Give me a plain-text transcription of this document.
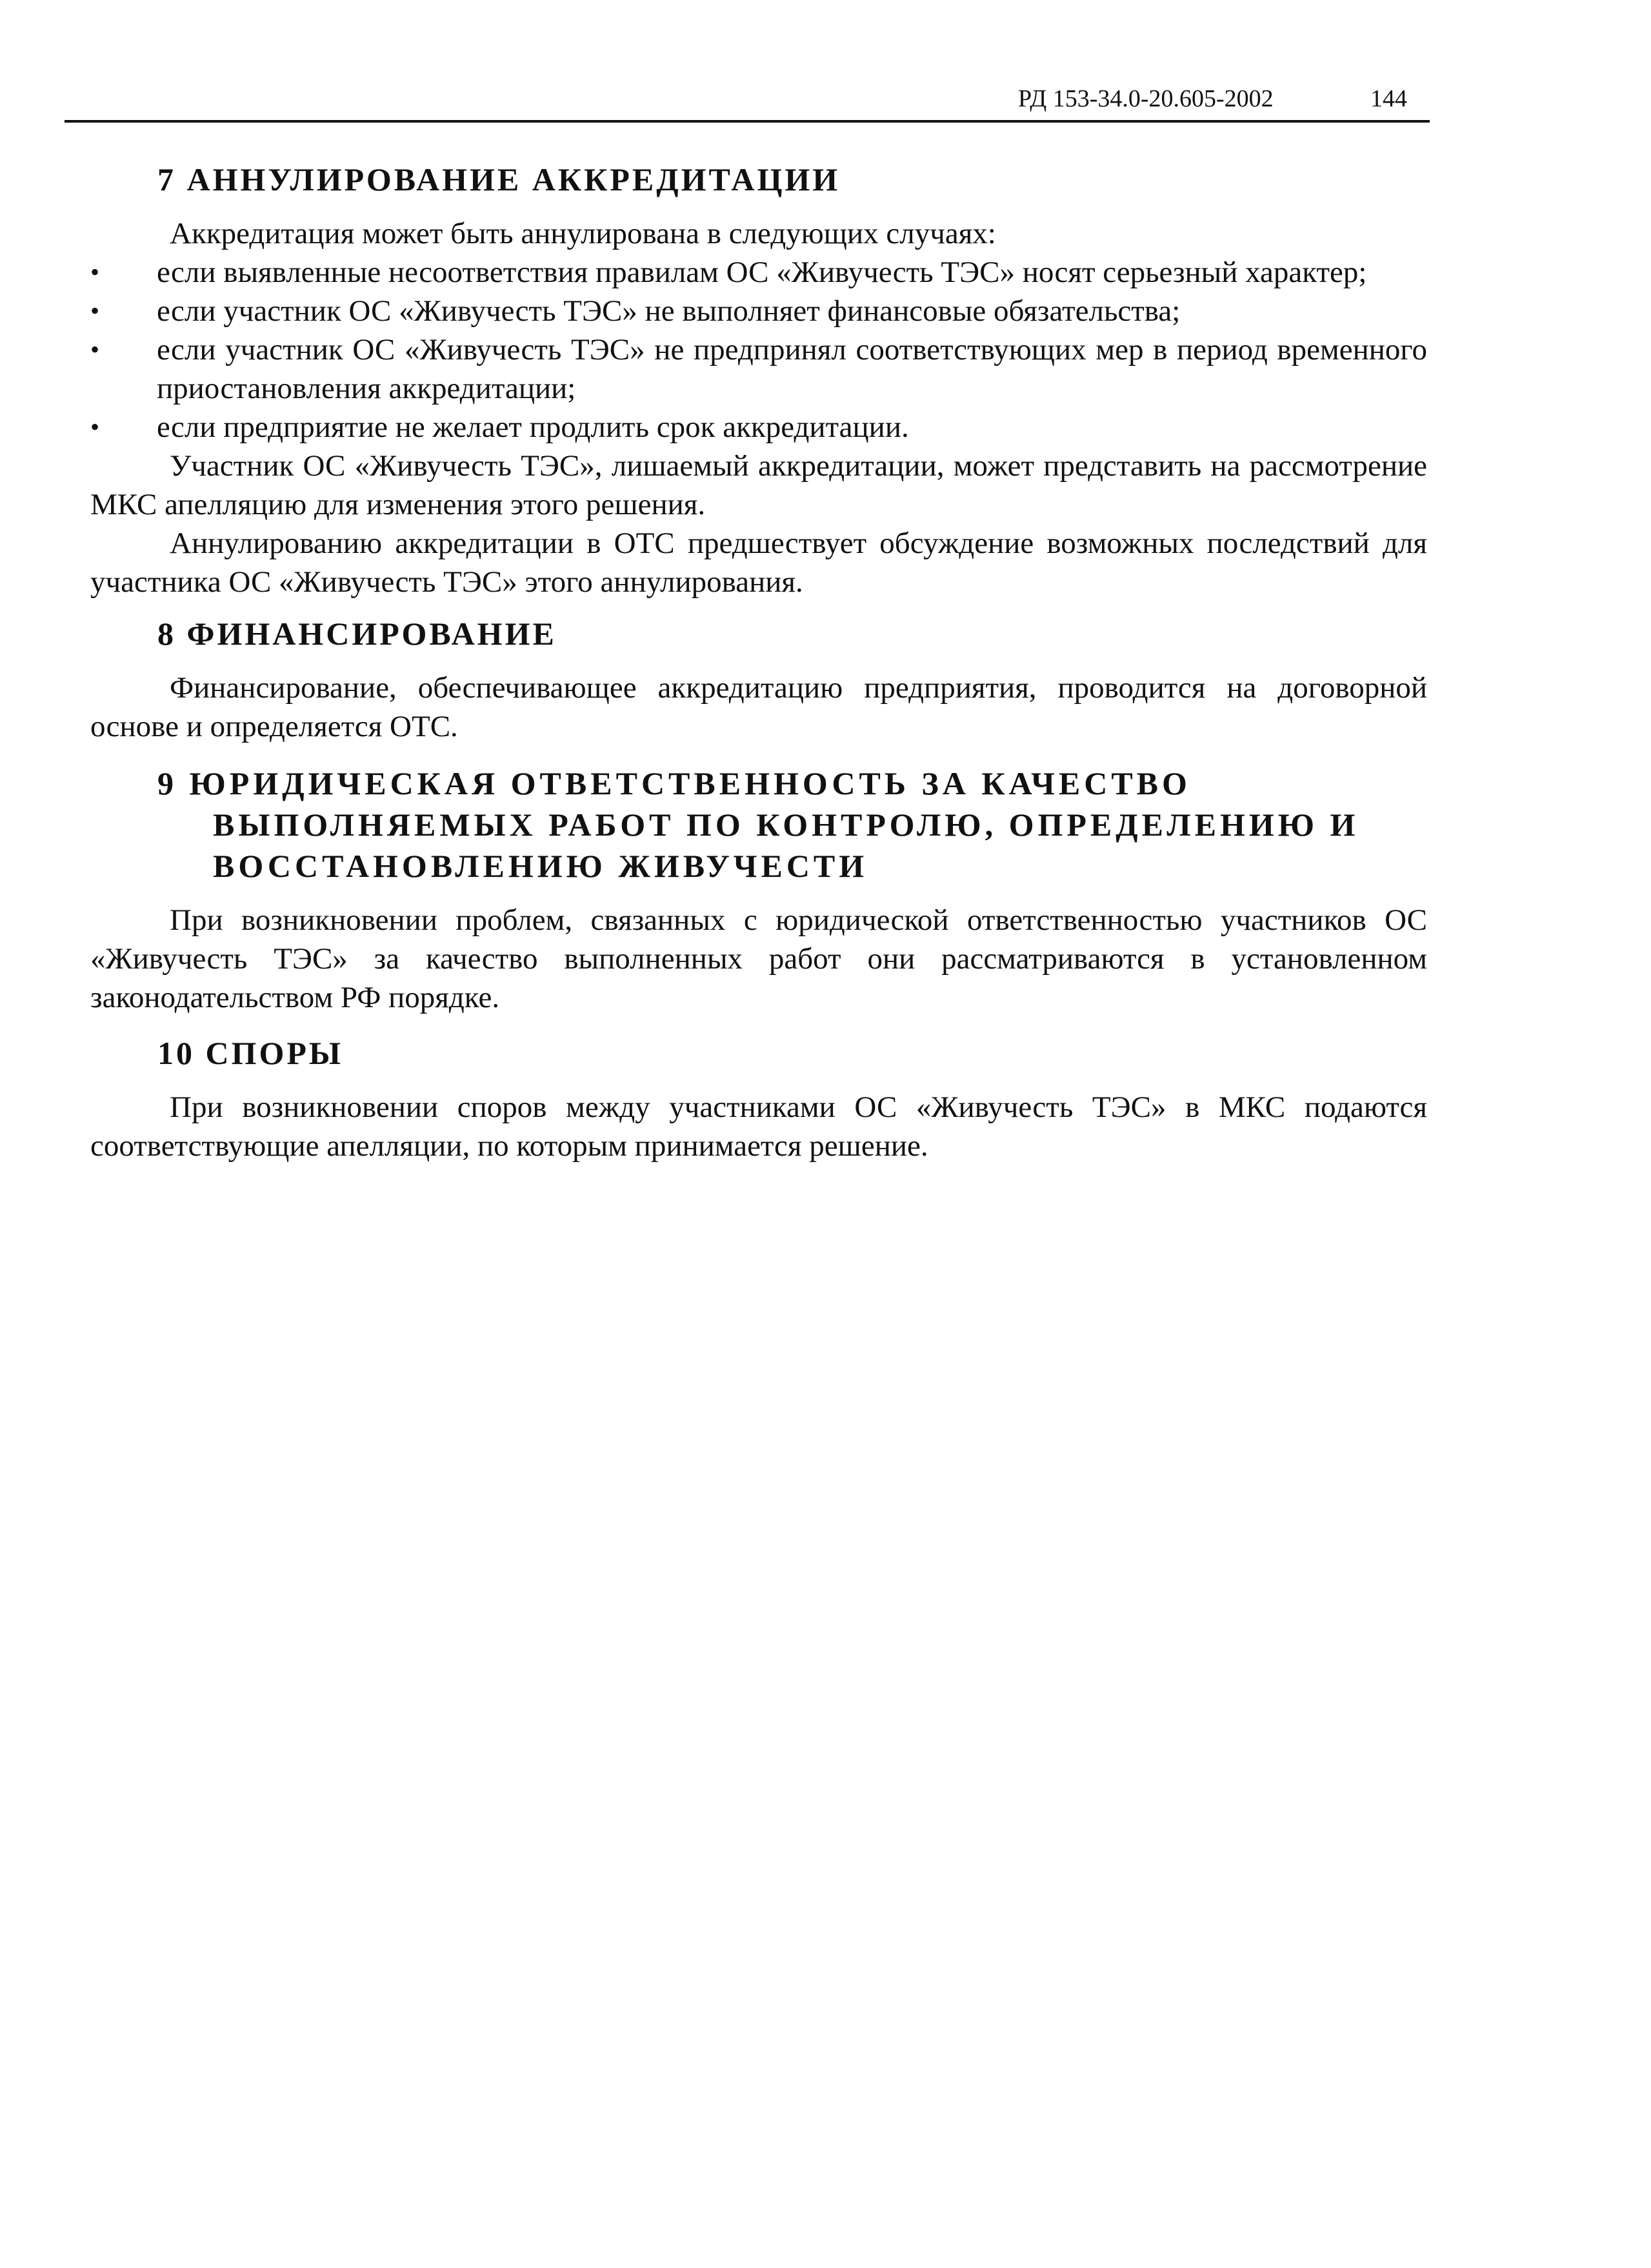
РД 153-34.0-20.605-2002	144
7 АННУЛИРОВАНИЕ АККРЕДИТАЦИИ

Аккредитация может быть аннулирована в следующих случаях:

• если выявленные несоответствия правилам ОС «Живучесть ТЭС» носят серьезный характер;
• если участник ОС «Живучесть ТЭС» не выполняет финансовые обязательства;
• если участник ОС «Живучесть ТЭС» не предпринял соответствующих мер в период временного приостановления аккредитации;
• если предприятие не желает продлить срок аккредитации.

Участник ОС «Живучесть ТЭС», лишаемый аккредитации, может представить на рассмотрение МКС апелляцию для изменения этого решения.

Аннулированию аккредитации в ОТС предшествует обсуждение возможных последствий для участника ОС «Живучесть ТЭС» этого аннулирования.

8 ФИНАНСИРОВАНИЕ

Финансирование, обеспечивающее аккредитацию предприятия, проводится на договорной основе и определяется ОТС.

9 ЮРИДИЧЕСКАЯ ОТВЕТСТВЕННОСТЬ ЗА КАЧЕСТВО ВЫПОЛНЯЕМЫХ РАБОТ ПО КОНТРОЛЮ, ОПРЕДЕЛЕНИЮ И ВОССТАНОВЛЕНИЮ ЖИВУЧЕСТИ

При возникновении проблем, связанных с юридической ответственностью участников ОС «Живучесть ТЭС» за качество выполненных работ они рассматриваются в установленном законодательством РФ порядке.

10 СПОРЫ

При возникновении споров между участниками ОС «Живучесть ТЭС» в МКС подаются соответствующие апелляции, по которым принимается решение.
